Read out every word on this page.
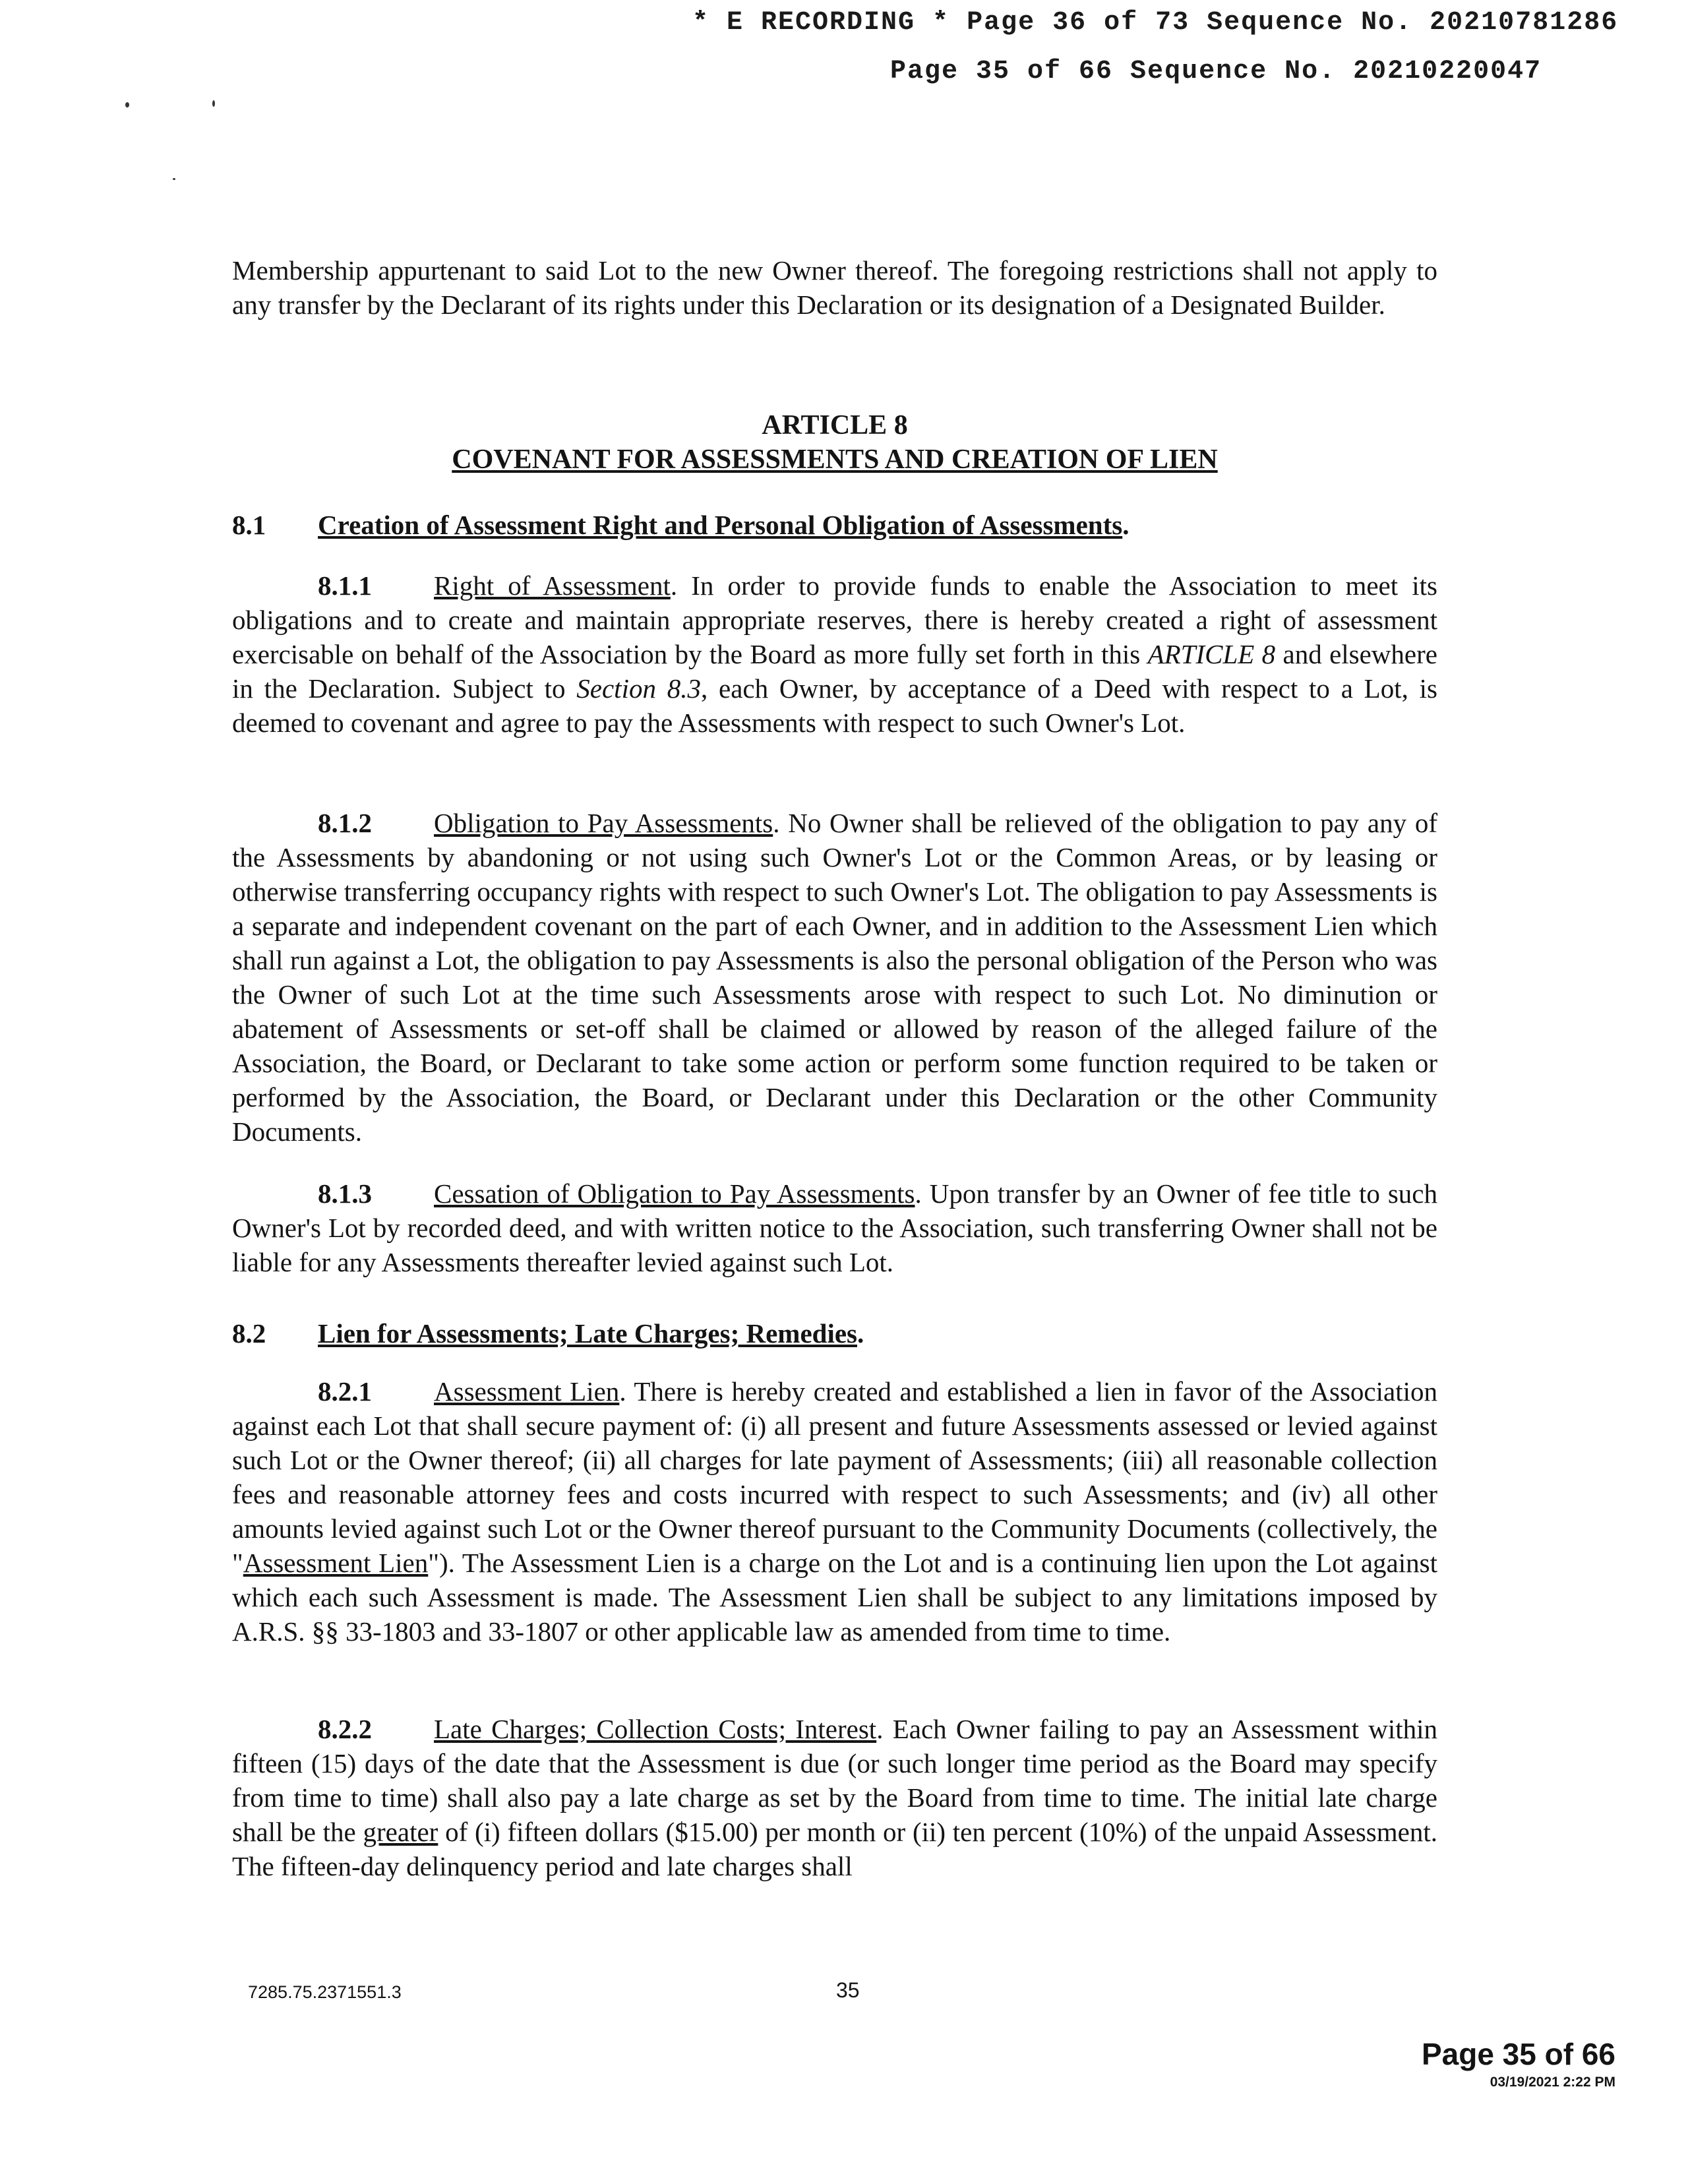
* E RECORDING * Page 36 of 73 Sequence No. 20210781286
Page 35 of 66 Sequence No. 20210220047

Membership appurtenant to said Lot to the new Owner thereof. The foregoing restrictions shall not apply to any transfer by the Declarant of its rights under this Declaration or its designation of a Designated Builder.

ARTICLE 8
COVENANT FOR ASSESSMENTS AND CREATION OF LIEN
8.1 Creation of Assessment Right and Personal Obligation of Assessments.

8.1.1 Right of Assessment. In order to provide funds to enable the Association to meet its obligations and to create and maintain appropriate reserves, there is hereby created a right of assessment exercisable on behalf of the Association by the Board as more fully set forth in this ARTICLE 8 and elsewhere in the Declaration. Subject to Section 8.3, each Owner, by acceptance of a Deed with respect to a Lot, is deemed to covenant and agree to pay the Assessments with respect to such Owner's Lot.

8.1.2 Obligation to Pay Assessments. No Owner shall be relieved of the obligation to pay any of the Assessments by abandoning or not using such Owner's Lot or the Common Areas, or by leasing or otherwise transferring occupancy rights with respect to such Owner's Lot. The obligation to pay Assessments is a separate and independent covenant on the part of each Owner, and in addition to the Assessment Lien which shall run against a Lot, the obligation to pay Assessments is also the personal obligation of the Person who was the Owner of such Lot at the time such Assessments arose with respect to such Lot. No diminution or abatement of Assessments or set-off shall be claimed or allowed by reason of the alleged failure of the Association, the Board, or Declarant to take some action or perform some function required to be taken or performed by the Association, the Board, or Declarant under this Declaration or the other Community Documents.

8.1.3 Cessation of Obligation to Pay Assessments. Upon transfer by an Owner of fee title to such Owner's Lot by recorded deed, and with written notice to the Association, such transferring Owner shall not be liable for any Assessments thereafter levied against such Lot.

8.2 Lien for Assessments; Late Charges; Remedies.

8.2.1 Assessment Lien. There is hereby created and established a lien in favor of the Association against each Lot that shall secure payment of: (i) all present and future Assessments assessed or levied against such Lot or the Owner thereof; (ii) all charges for late payment of Assessments; (iii) all reasonable collection fees and reasonable attorney fees and costs incurred with respect to such Assessments; and (iv) all other amounts levied against such Lot or the Owner thereof pursuant to the Community Documents (collectively, the "Assessment Lien"). The Assessment Lien is a charge on the Lot and is a continuing lien upon the Lot against which each such Assessment is made. The Assessment Lien shall be subject to any limitations imposed by A.R.S. §§ 33-1803 and 33-1807 or other applicable law as amended from time to time.

8.2.2 Late Charges; Collection Costs; Interest. Each Owner failing to pay an Assessment within fifteen (15) days of the date that the Assessment is due (or such longer time period as the Board may specify from time to time) shall also pay a late charge as set by the Board from time to time. The initial late charge shall be the greater of (i) fifteen dollars ($15.00) per month or (ii) ten percent (10%) of the unpaid Assessment. The fifteen-day delinquency period and late charges shall

7285.75.2371551.3	35
Page 35 of 66
03/19/2021 2:22 PM
